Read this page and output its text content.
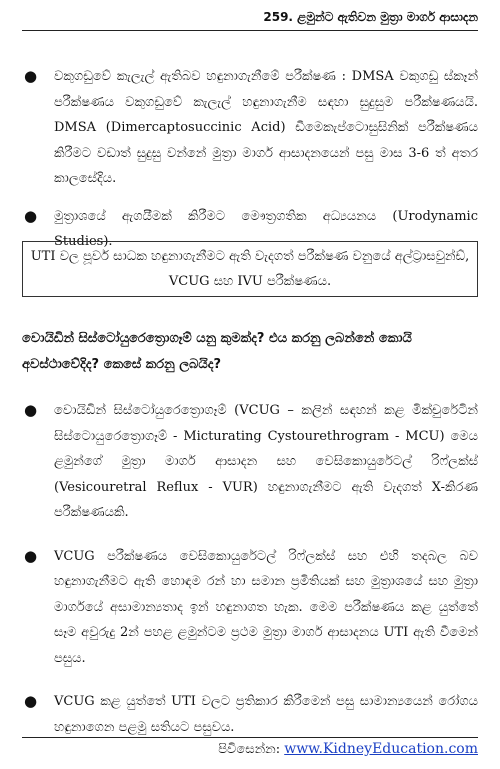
259. ළමුන්ට ඇතිවන මුත්‍රා මාර්ග ආසාදන
● වකුගඩුවේ කැලැල් ඇතිබව හඳුනාගැනීමේ පරීක්ෂණ : DMSA වකුගඩු ස්කෑන් පරීක්ෂණය වකුගඩුවේ කැලැල් හඳුනාගැනීම සඳහා සුදුසුම පරීක්ෂණයයි. DMSA (Dimercaptosuccinic Acid) ඩීමෙකැප්ටොසුසිනික් පරීක්ෂණය කිරීමට වඩාත් සුදුසු වන්නේ මුත්‍රා මාර්ග ආසාදනයෙන් පසු මාස 3-6 ත් අතර කාලසේදිය.
● මුත්‍රාශයේ ඇගයීමක් කිරීමට මෞත්‍රගතික අධ්‍යයනය (Urodynamic Studies).
UTI වල පූර්ව සාධක හඳුනාගැනීමට ඇති වැදගත් පරීක්ෂණ වනුයේ අල්ට්‍රාසවුන්ඩ්, VCUG සහ IVU පරීක්ෂණය.
වොයිඩින් සිස්ටෝයුරෙත්‍රොගෑම් යනු කුමක්ද? එය කරනු ලබන්නේ කොයි අවස්ථාවේදිද? කෙසේ කරනු ලබයිද?
● වොයිඩින් සිස්ටෝයුරෙත්‍රොගෑම් (VCUG – කලින් සඳහන් කළ මික්චුරේටින් සිස්ටොයුරෙත්‍රොගෑම් - Micturating Cystourethrogram - MCU) මෙය ළමුන්ගේ මුත්‍රා මාර්ග ආසාදන සහ වෙසිකොයුරේටල් රිෆ්ලක්ස් (Vesicouretral Reflux - VUR) හඳුනාගැනීමට ඇති වැදගත් X-කිරණ පරීක්ෂණයකි.
● VCUG පරීක්ෂණය වෙසිකොයුරේටල් රිෆ්ලක්ස් සහ එහි තදබල බව හඳුනාගැනීමට ඇති හොඳම රන් හා සමාන ප්‍රමිතියක් සහ මුත්‍රාශයේ සහ මුත්‍රා මාර්ගයේ අසාමාන්‍යතාද ඉන් හඳුනාගත හැක. මෙම පරීක්ෂණය කළ යුත්තේ සෑම අවුරුදු 2න් පහළ ළමුන්ටම ප්‍රථම මුත්‍රා මාර්ග ආසාදනය UTI ඇති වීමෙන් පසුය.
● VCUG කළ යුත්තේ UTI වලට ප්‍රතිකාර කිරීමෙන් පසු සාමාන්‍යයෙන් රෝගය හඳුනාගෙන පළමු සතියට පසුවය.
පිවිසෙන්න: www.KidneyEducation.com
